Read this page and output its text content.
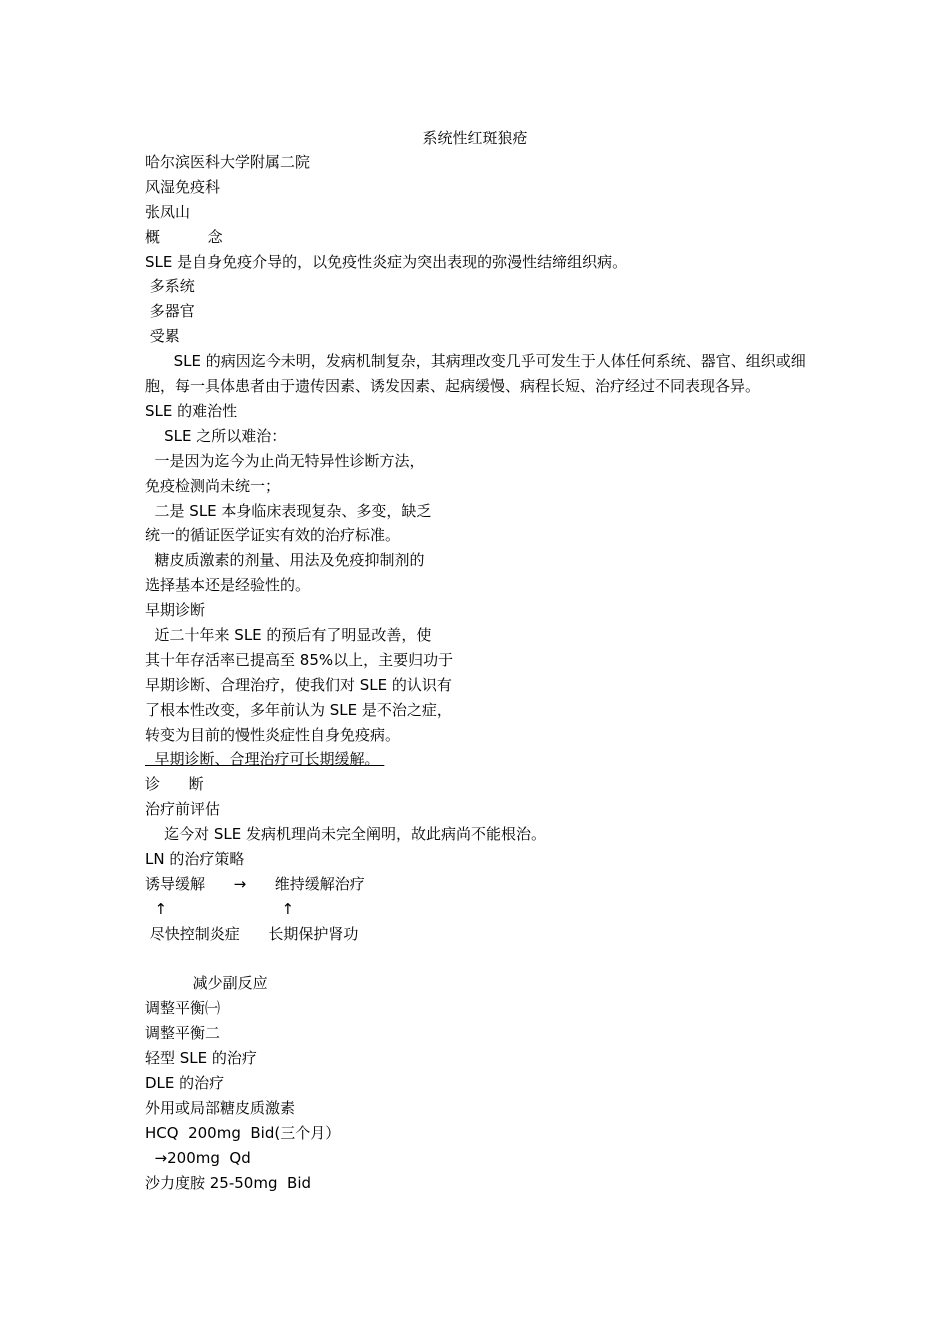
系统性红斑狼疮
哈尔滨医科大学附属二院
风湿免疫科
张凤山
概          念
SLE 是自身免疫介导的，以免疫性炎症为突出表现的弥漫性结缔组织病。
多系统
多器官
受累
SLE 的病因迄今未明，发病机制复杂，其病理改变几乎可发生于人体任何系统、器官、组织或细胞，每一具体患者由于遗传因素、诱发因素、起病缓慢、病程长短、治疗经过不同表现各异。
SLE 的难治性
SLE 之所以难治：
一是因为迄今为止尚无特异性诊断方法，
免疫检测尚未统一；
二是 SLE 本身临床表现复杂、多变，缺乏
统一的循证医学证实有效的治疗标准。
糖皮质激素的剂量、用法及免疫抑制剂的
选择基本还是经验性的。
早期诊断
近二十年来 SLE 的预后有了明显改善，使
其十年存活率已提高至 85%以上，主要归功于
早期诊断、合理治疗，使我们对 SLE 的认识有
了根本性改变，多年前认为 SLE 是不治之症，
转变为目前的慢性炎症性自身免疫病。
早期诊断、合理治疗可长期缓解。
诊      断
治疗前评估
迄今对 SLE 发病机理尚未完全阐明，故此病尚不能根治。
LN 的治疗策略
诱导缓解      →      维持缓解治疗
↑                        ↑
尽快控制炎症      长期保护肾功
减少副反应
调整平衡㈠
调整平衡二
轻型 SLE 的治疗
DLE 的治疗
外用或局部糖皮质激素
HCQ  200mg  Bid(三个月）
→200mg  Qd
沙力度胺 25-50mg  Bid
